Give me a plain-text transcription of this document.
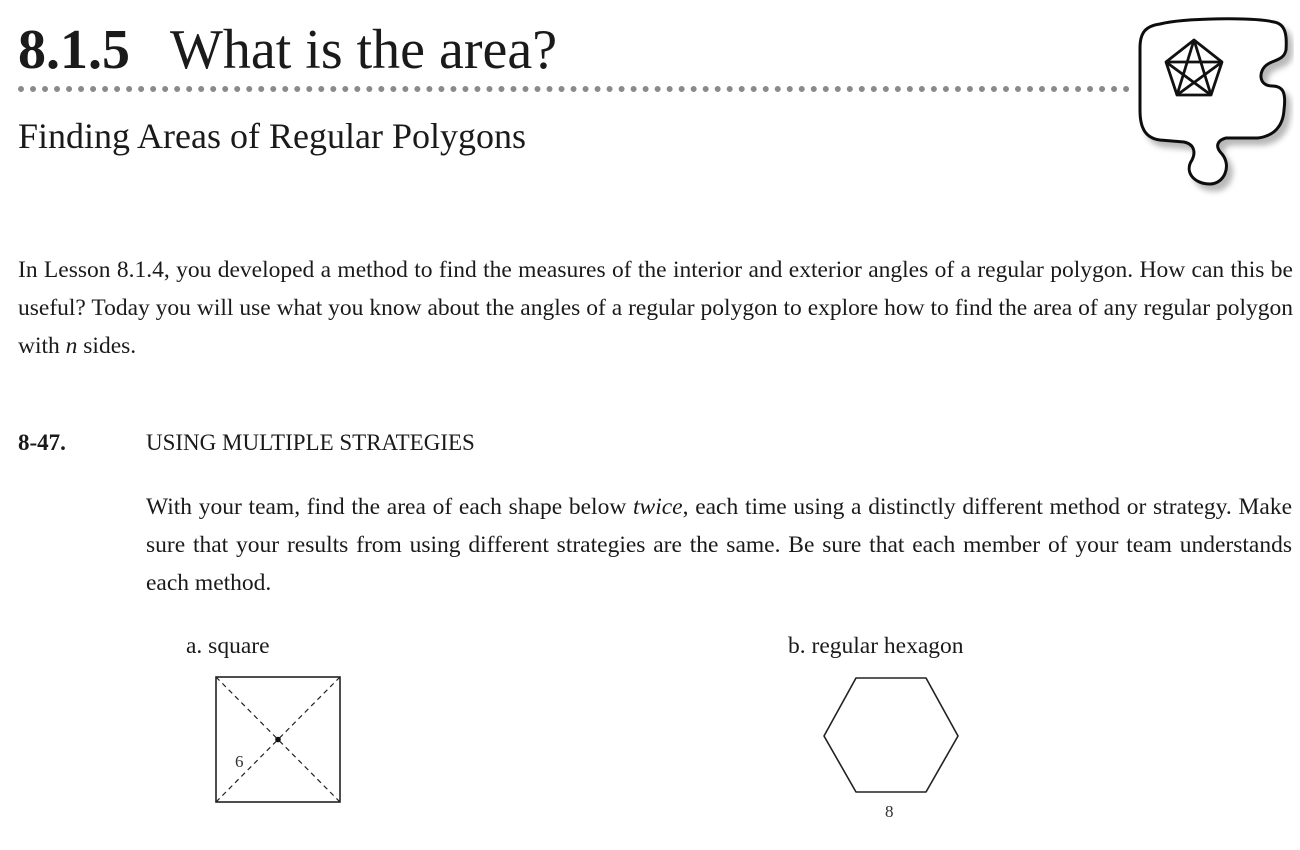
8.1.5 What is the area?
Finding Areas of Regular Polygons

In Lesson 8.1.4, you developed a method to find the measures of the interior and exterior angles of a regular polygon. How can this be useful? Today you will use what you know about the angles of a regular polygon to explore how to find the area of any regular polygon with n sides.

8-47.	USING MULTIPLE STRATEGIES

With your team, find the area of each shape below twice, each time using a distinctly different method or strategy. Make sure that your results from using different strategies are the same. Be sure that each member of your team understands each method.

a. square	b. regular hexagon
6
8
